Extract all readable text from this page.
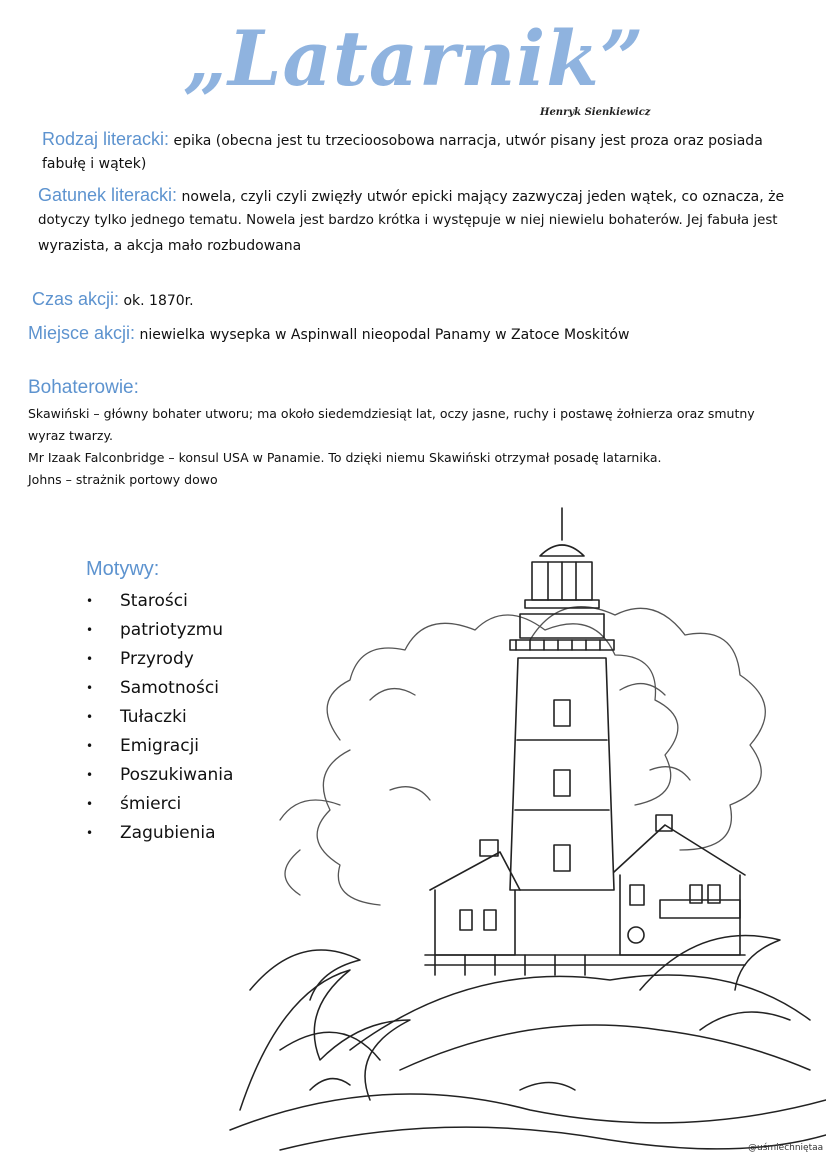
„Latarnik”
Henryk Sienkiewicz

Rodzaj literacki: epika (obecna jest tu trzecioosobowa narracja, utwór pisany jest proza oraz posiada

fabułę i wątek)

Gatunek literacki: nowela, czyli czyli zwięzły utwór epicki mający zazwyczaj jeden wątek, co oznacza, że

dotyczy tylko jednego tematu. Nowela jest bardzo krótka i występuje w niej niewielu bohaterów. Jej fabuła jest

wyrazista, a akcja mało rozbudowana

Czas akcji: ok. 1870r.

Miejsce akcji: niewielka wysepka w Aspinwall nieopodal Panamy w Zatoce Moskitów

Bohaterowie:

Skawiński – główny bohater utworu; ma około siedemdziesiąt lat, oczy jasne, ruchy i postawę żołnierza oraz smutny

wyraz twarzy.

Mr Izaak Falconbridge – konsul USA w Panamie. To dzięki niemu Skawiński otrzymał posadę latarnika.

Johns – strażnik portowy dowo

Motywy:

•	Starości
•	patriotyzmu
•	Przyrody
•	Samotności
•	Tułaczki
•	Emigracji
•	Poszukiwania
•	śmierci
•	Zagubienia
@uśmiechniętaa
